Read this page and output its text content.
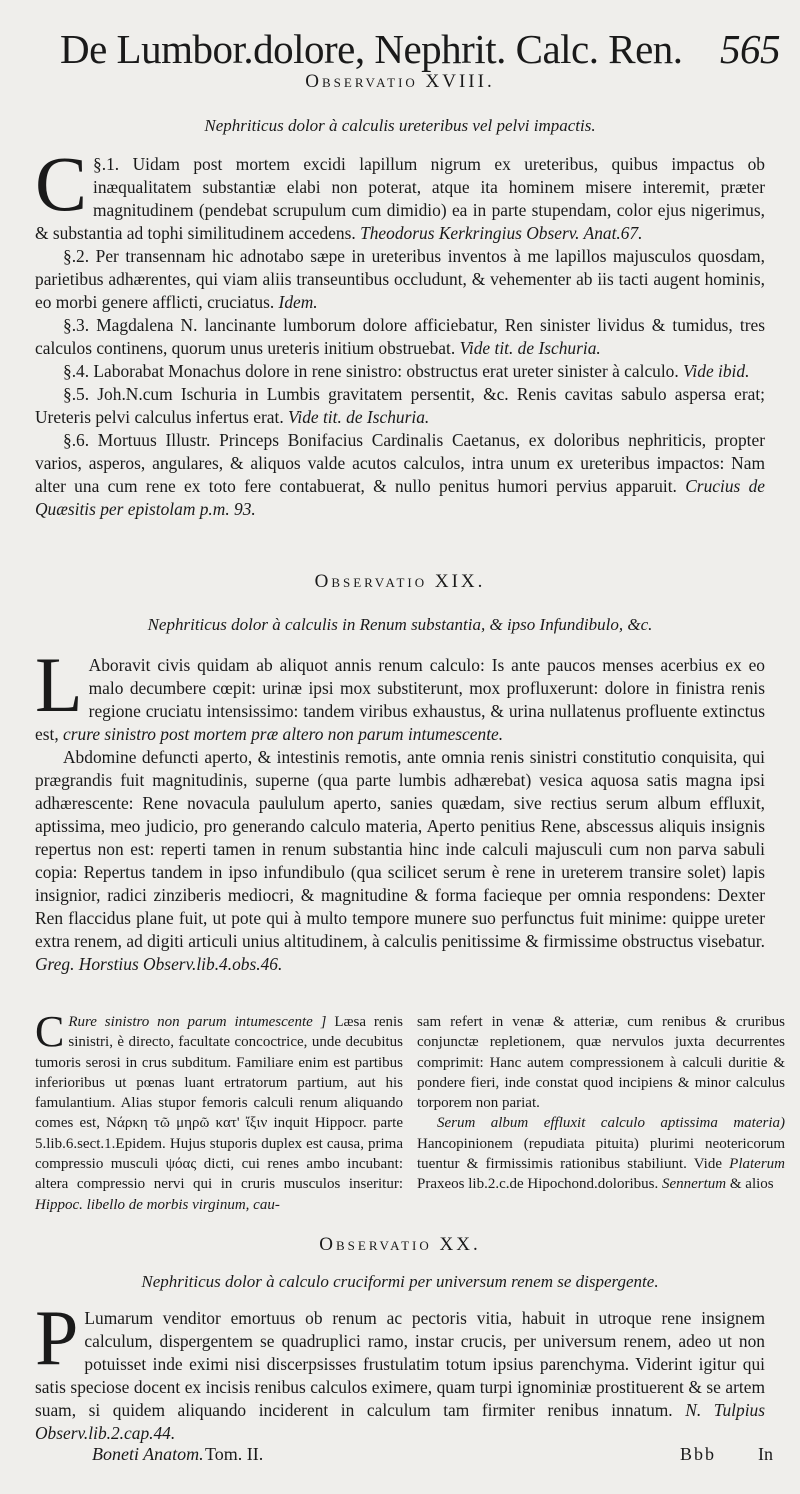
De Lumbor.dolore, Nephrit. Calc. Ren. 565
Observatio XVIII.
Nephriticus dolor à calculis ureteribus vel pelvi impactis.

§.1.
C	Uidam post mortem excidi lapillum nigrum ex ureteribus, quibus impactus ob inæqualitatem substantiæ elabi non poterat, atque ita hominem misere interemit, præter magnitudinem (pendebat scrupulum cum dimidio) ea in parte stupendam, color ejus nigerimus, & substantia ad tophi similitudinem accedens. Theodorus Kerkringius Observ. Anat.67.

§.2. Per transennam hic adnotabo sæpe in ureteribus inventos à me lapillos majusculos quosdam, parietibus adhærentes, qui viam aliis transeuntibus occludunt, & vehementer ab iis tacti augent hominis, eo morbi genere afflicti, cruciatus. Idem.

§.3. Magdalena N. lancinante lumborum dolore afficiebatur, Ren sinister lividus & tumidus, tres calculos continens, quorum unus ureteris initium obstruebat. Vide tit. de Ischuria.

§.4. Laborabat Monachus dolore in rene sinistro: obstructus erat ureter sinister à calculo. Vide ibid.

§.5. Joh.N.cum Ischuria in Lumbis gravitatem persentit, &c. Renis cavitas sabulo aspersa erat; Ureteris pelvi calculus infertus erat. Vide tit. de Ischuria.

§.6. Mortuus Illustr. Princeps Bonifacius Cardinalis Caetanus, ex doloribus nephriticis, propter varios, asperos, angulares, & aliquos valde acutos calculos, intra unum ex ureteribus impactos: Nam alter una cum rene ex toto fere contabuerat, & nullo penitus humori pervius apparuit. Crucius de Quæsitis per epistolam p.m. 93.

Observatio XIX.
Nephriticus dolor à calculis in Renum substantia, & ipso Infundibulo, &c.

L Aboravit civis quidam ab aliquot annis renum calculo: Is ante paucos menses acerbius ex eo malo decumbere cœpit: urinæ ipsi mox substiterunt, mox profluxerunt: dolore in finistra renis regione cruciatu intensissimo: tandem viribus exhaustus, & urina nullatenus profluente extinctus est, crure sinistro post mortem præ altero non parum intumescente.

Abdomine defuncti aperto, & intestinis remotis, ante omnia renis sinistri constitutio conquisita, qui prægrandis fuit magnitudinis, superne (qua parte lumbis adhærebat) vesica aquosa satis magna ipsi adhærescente: Rene novacula paululum aperto, sanies quædam, sive rectius serum album effluxit, aptissima, meo judicio, pro generando calculo materia, Aperto penitius Rene, abscessus aliquis insignis repertus non est: reperti tamen in renum substantia hinc inde calculi majusculi cum non parva sabuli copia: Repertus tandem in ipso infundibulo (qua scilicet serum è rene in ureterem transire solet) lapis insignior, radici zinziberis mediocri, & magnitudine & forma facieque per omnia respondens: Dexter Ren flaccidus plane fuit, ut pote qui à multo tempore munere suo perfunctus fuit minime: quippe ureter extra renem, ad digiti articuli unius altitudinem, à calculis penitissime & firmissime obstructus visebatur. Greg. Horstius Observ.lib.4.obs.46.

C Rure sinistro non parum intumescente ] Læsa renis sinistri, è directo, facultate concoctrice, unde decubitus tumoris serosi in crus subditum. Familiare enim est partibus inferioribus ut pœnas luant ertratorum partium, aut his famulantium. Alias stupor femoris calculi renum aliquando comes est, Νάρκη τῶ μηρῶ κατ' ἴξιν inquit Hippocr. parte 5.lib.6.sect.1.Epidem. Hujus stuporis duplex est causa, prima compressio musculi ψόας dicti, cui renes ambo incubant: altera compressio nervi qui in cruris musculos inseritur: Hippoc. libello de morbis virginum, cau-

sam refert in venæ & atteriæ, cum renibus & cruribus conjunctæ repletionem, quæ nervulos juxta decurrentes comprimit: Hanc autem compressionem à calculi duritie & pondere fieri, inde constat quod incipiens & minor calculus torporem non pariat.

Serum album effluxit calculo aptissima materia) Hancopinionem (repudiata pituita) plurimi neotericorum tuentur & firmissimis rationibus stabiliunt. Vide Platerum Praxeos lib.2.c.de Hipochond.doloribus. Sennertum & alios

Observatio XX.
Nephriticus dolor à calculo cruciformi per universum renem se dispergente.

P Lumarum venditor emortuus ob renum ac pectoris vitia, habuit in utroque rene insignem calculum, dispergentem se quadruplici ramo, instar crucis, per universum renem, adeo ut non potuisset inde eximi nisi discerpsisses frustulatim totum ipsius parenchyma. Viderint igitur qui satis speciose docent ex incisis renibus calculos eximere, quam turpi ignominiæ prostituerent & se artem suam, si quidem aliquando inciderent in calculum tam firmiter renibus innatum. N. Tulpius Observ.lib.2.cap.44.

Boneti Anatom. Tom. II.	Bbb In
